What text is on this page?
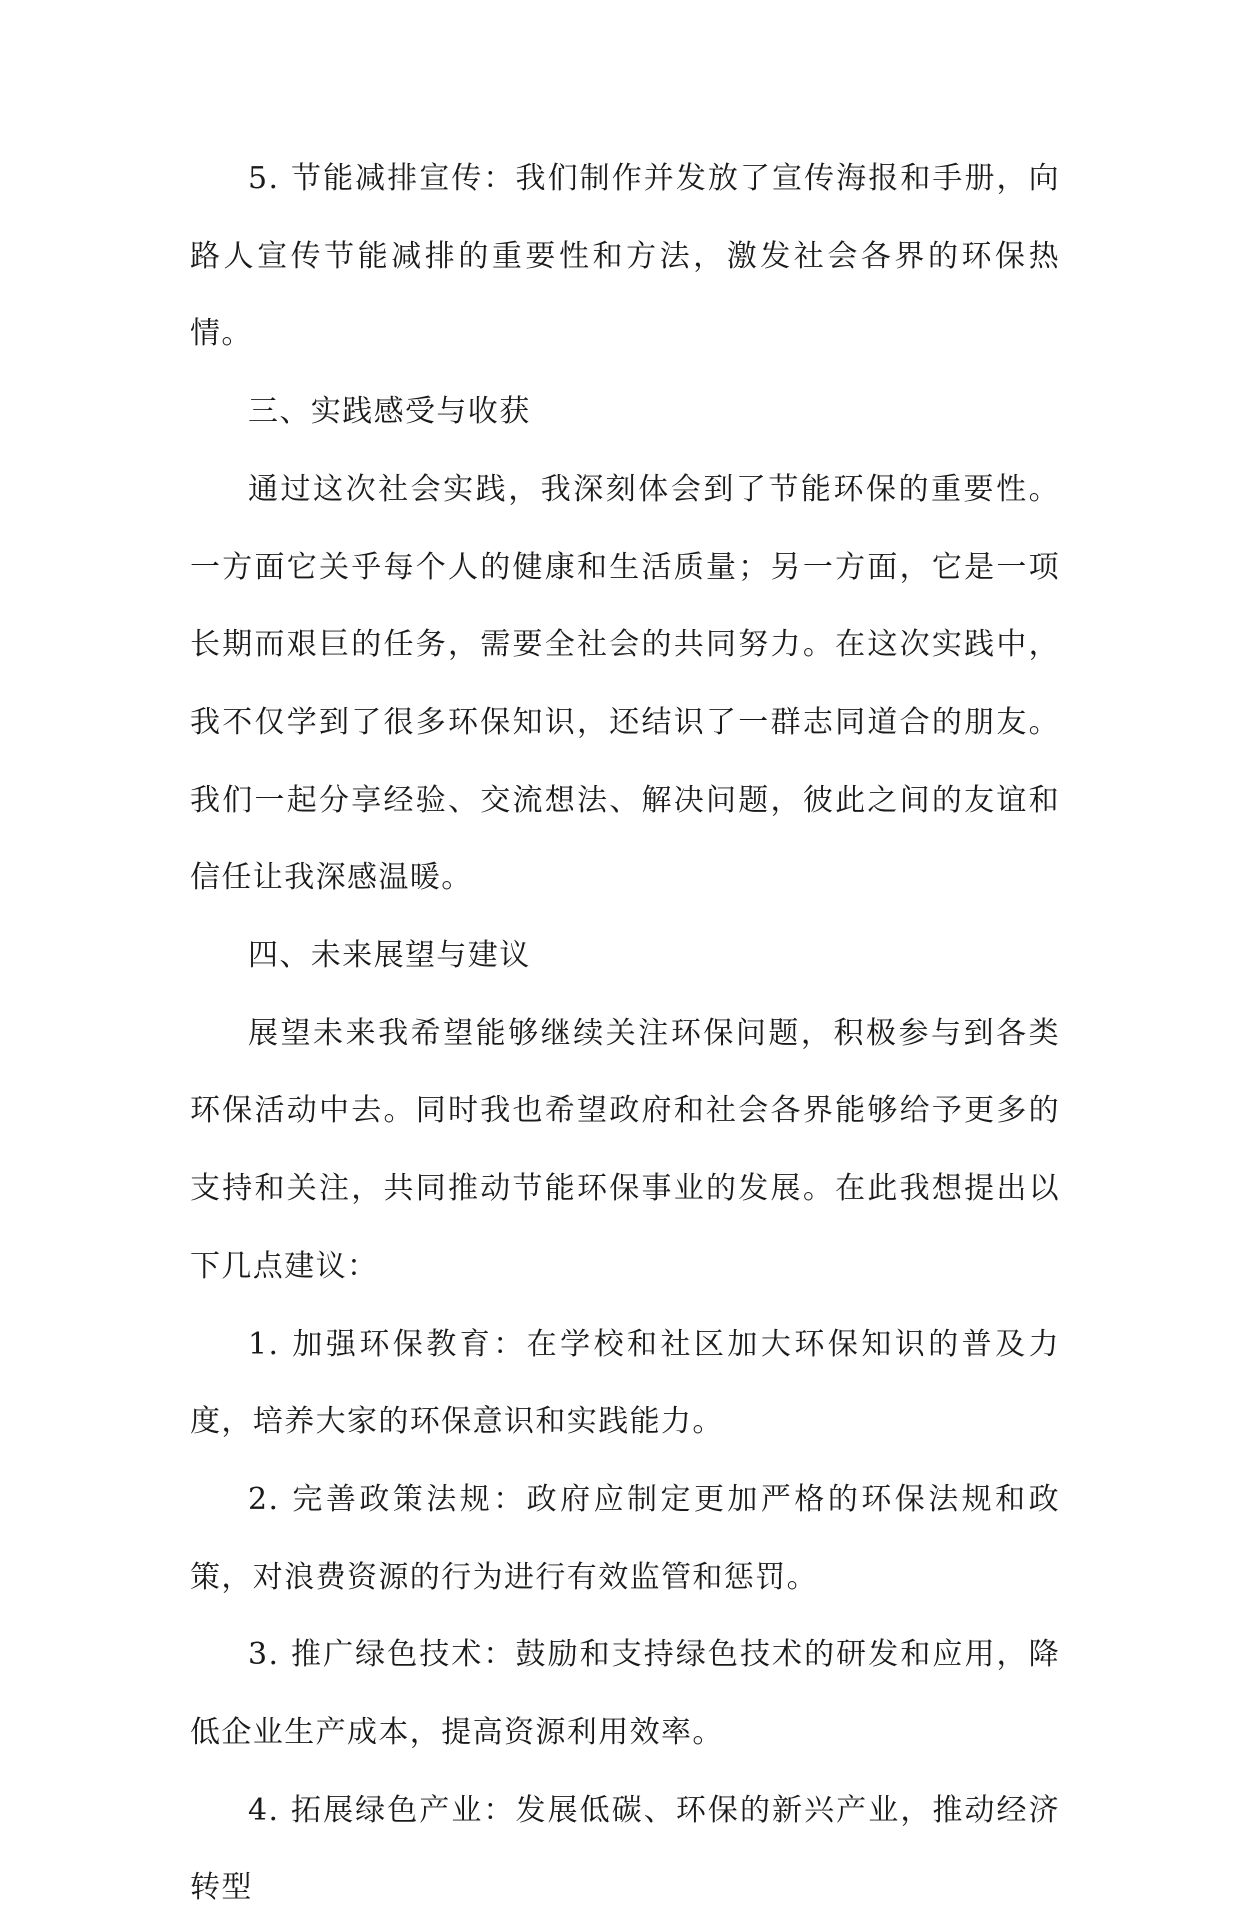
5. 节能减排宣传：我们制作并发放了宣传海报和手册，向路人宣传节能减排的重要性和方法，激发社会各界的环保热情。

三、实践感受与收获

通过这次社会实践，我深刻体会到了节能环保的重要性。一方面它关乎每个人的健康和生活质量；另一方面，它是一项长期而艰巨的任务，需要全社会的共同努力。在这次实践中，我不仅学到了很多环保知识，还结识了一群志同道合的朋友。我们一起分享经验、交流想法、解决问题，彼此之间的友谊和信任让我深感温暖。

四、未来展望与建议

展望未来我希望能够继续关注环保问题，积极参与到各类环保活动中去。同时我也希望政府和社会各界能够给予更多的支持和关注，共同推动节能环保事业的发展。在此我想提出以下几点建议：

1. 加强环保教育：在学校和社区加大环保知识的普及力度，培养大家的环保意识和实践能力。

2. 完善政策法规：政府应制定更加严格的环保法规和政策，对浪费资源的行为进行有效监管和惩罚。

3. 推广绿色技术：鼓励和支持绿色技术的研发和应用，降低企业生产成本，提高资源利用效率。

4. 拓展绿色产业：发展低碳、环保的新兴产业，推动经济转型
